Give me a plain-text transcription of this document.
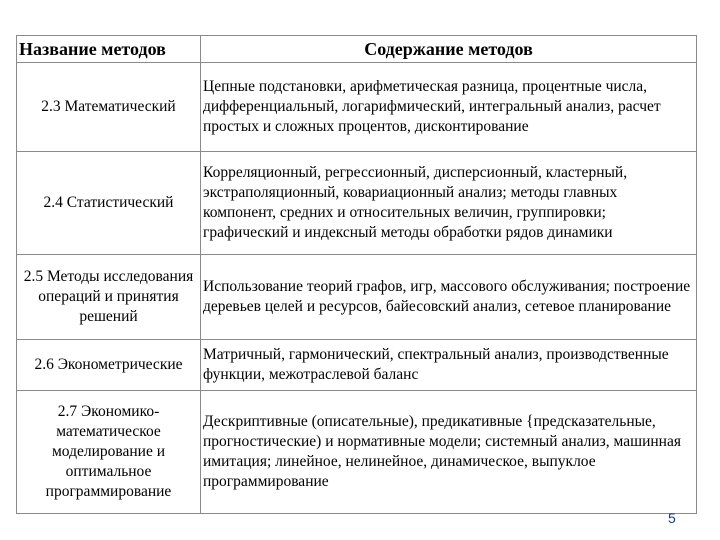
Название методов	Содержание методов
2.3 Математический	Цепные подстановки, арифметическая разница, процентные числа, дифференциальный, логарифмический, интегральный анализ, расчет простых и сложных процентов, дисконтирование
2.4 Статистический	Корреляционный, регрессионный, дисперсионный, кластерный, экстраполяционный, ковариационный анализ; методы главных компонент, средних и относительных величин, группировки; графический и индексный методы обработки рядов динамики
2.5 Методы исследования операций и принятия решений	Использование теорий графов, игр, массового обслуживания; построение деревьев целей и ресурсов, байесовский анализ, сетевое планирование
2.6 Эконометрические	Матричный, гармонический, спектральный анализ, производственные функции, межотраслевой баланс
2.7 Экономико-математическое моделирование и оптимальное программирование	Дескриптивные (описательные), предикативные {предсказательные, прогностические) и нормативные модели; системный анализ, машинная имитация; линейное, нелинейное, динамическое, выпуклое программирование
5
